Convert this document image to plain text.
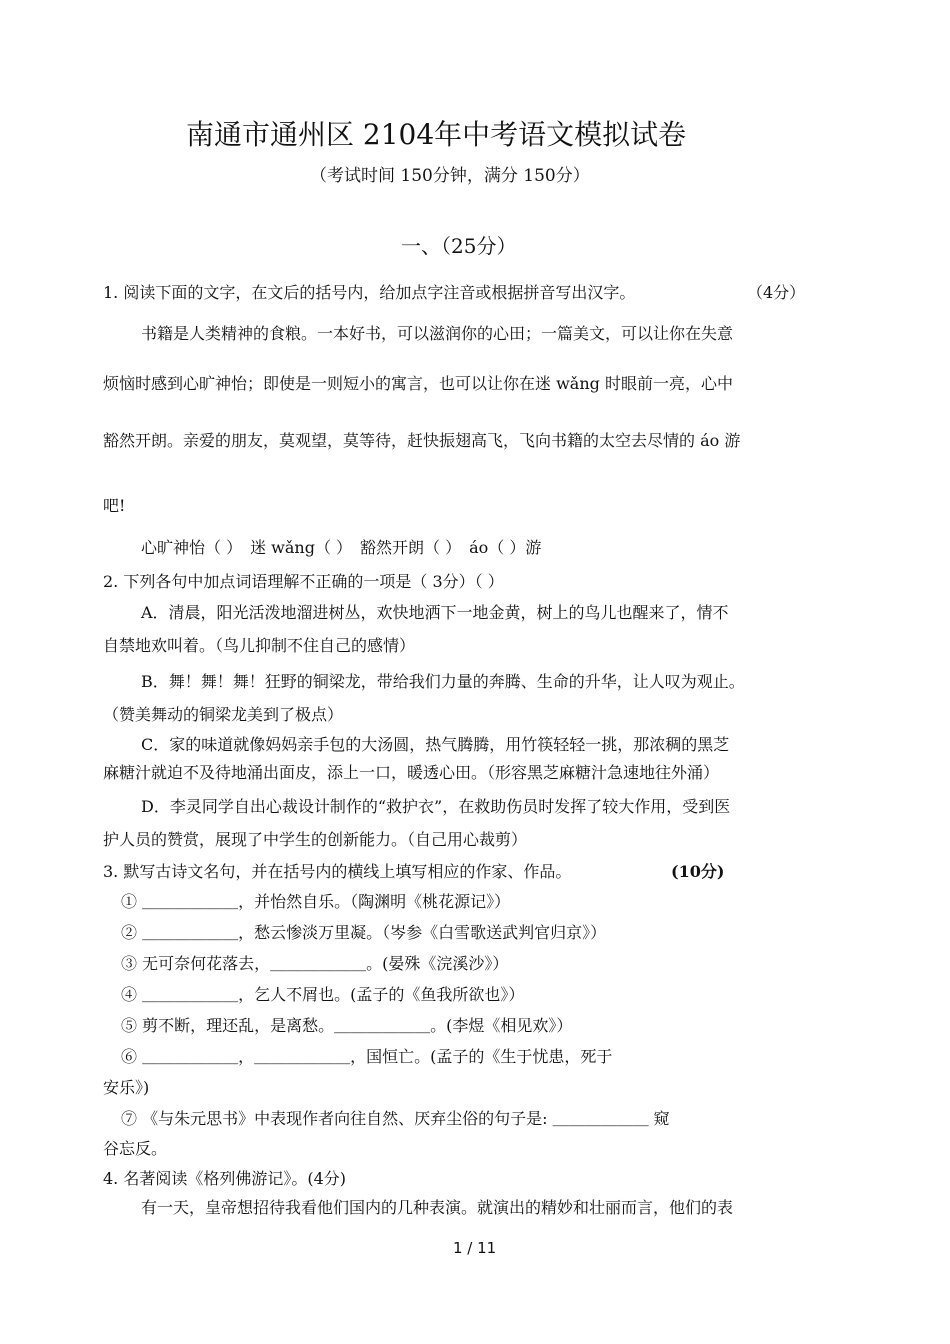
南通市通州区 2104年中考语文模拟试卷
（考试时间 150分钟，满分 150分）
一、（25分）
1. 阅读下面的文字，在文后的括号内，给加点字注音或根据拼音写出汉字。	（4分）
书籍是人类精神的食粮。一本好书，可以滋润你的心田；一篇美文，可以让你在失意
烦恼时感到心旷神怡；即使是一则短小的寓言，也可以让你在迷 wǎng 时眼前一亮，心中
豁然开朗。亲爱的朋友，莫观望，莫等待，赶快振翅高飞，飞向书籍的太空去尽情的 áo 游
吧!
心旷神怡（ ）　迷 wǎng（ ）　豁然开朗（ ）　áo（ ）游
2. 下列各句中加点词语理解不正确的一项是（ 3分）（ ）
A．清晨，阳光活泼地溜进树丛，欢快地洒下一地金黄，树上的鸟儿也醒来了，情不
自禁地欢叫着。（鸟儿抑制不住自己的感情）
B．舞！舞！舞！狂野的铜梁龙，带给我们力量的奔腾、生命的升华，让人叹为观止。
（赞美舞动的铜梁龙美到了极点）
C．家的味道就像妈妈亲手包的大汤圆，热气腾腾，用竹筷轻轻一挑，那浓稠的黑芝
麻糖汁就迫不及待地涌出面皮，添上一口，暖透心田。（形容黑芝麻糖汁急速地往外涌）
D．李灵同学自出心裁设计制作的“救护衣”，在救助伤员时发挥了较大作用，受到医
护人员的赞赏，展现了中学生的创新能力。（自己用心裁剪）
3. 默写古诗文名句，并在括号内的横线上填写相应的作家、作品。	(10分)
① ＿＿＿＿＿＿，并怡然自乐。（陶渊明《桃花源记》）
② ＿＿＿＿＿＿，愁云惨淡万里凝。（岑参《白雪歌送武判官归京》）
③ 无可奈何花落去，＿＿＿＿＿＿。(晏殊《浣溪沙》）
④ ＿＿＿＿＿＿，乞人不屑也。(孟子的《鱼我所欲也》）
⑤ 剪不断，理还乱，是离愁。＿＿＿＿＿＿。(李煜《相见欢》）
⑥ ＿＿＿＿＿＿，＿＿＿＿＿＿，国恒亡。(孟子的《生于忧患，死于
安乐》)
⑦ 《与朱元思书》中表现作者向往自然、厌弃尘俗的句子是: ＿＿＿＿＿＿ 窥
谷忘反。
4. 名著阅读《格列佛游记》。(4分)
有一天，皇帝想招待我看他们国内的几种表演。就演出的精妙和壮丽而言，他们的表
1 / 11
